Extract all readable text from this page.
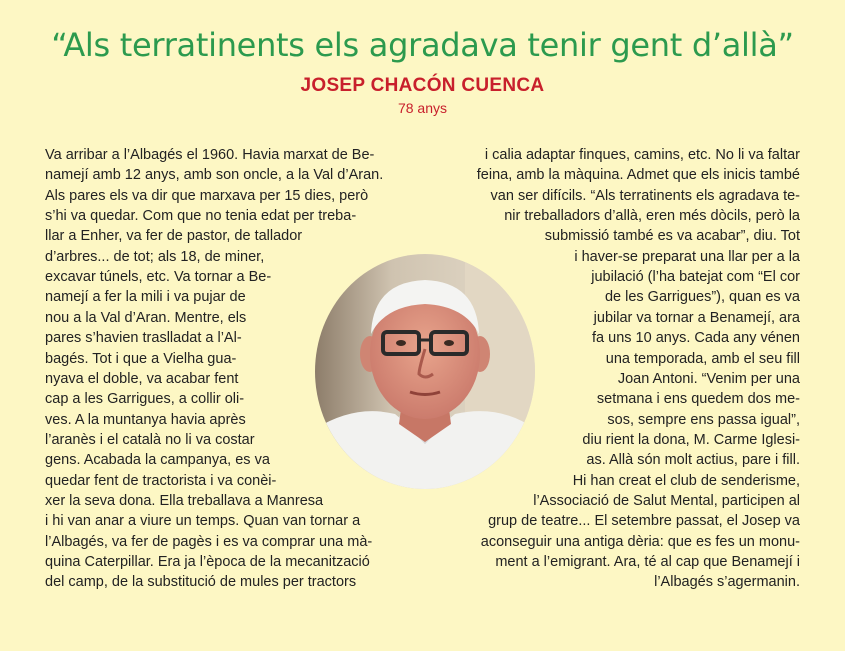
“Als terratinents els agradava tenir gent d’allà”
JOSEP CHACÓN CUENCA
78 anys
Va arribar a l’Albagés el 1960. Havia marxat de Be-
namejí amb 12 anys, amb son oncle, a la Val d’Aran.
Als pares els va dir que marxava per 15 dies, però
s’hi va quedar. Com que no tenia edat per treba-
llar a Enher, va fer de pastor, de tallador
d’arbres... de tot; als 18, de miner,
excavar túnels, etc. Va tornar a Be-
namejí a fer la mili i va pujar de
nou a la Val d’Aran. Mentre, els
pares s’havien traslladat a l’Al-
bagés. Tot i que a Vielha gua-
nyava el doble, va acabar fent
cap a les Garrigues, a collir oli-
ves. A la muntanya havia après
l’aranès i el català no li va costar
gens. Acabada la campanya, es va
quedar fent de tractorista i va conèi-
xer la seva dona. Ella treballava a Manresa
i hi van anar a viure un temps. Quan van tornar a
l’Albagés, va fer de pagès i es va comprar una mà-
quina Caterpillar. Era ja l’època de la mecanització
del camp, de la substitució de mules per tractors
i calia adaptar finques, camins, etc. No li va faltar
feina, amb la màquina. Admet que els inicis també
van ser difícils. “Als terratinents els agradava te-
nir treballadors d’allà, eren més dòcils, però la
submissió també es va acabar”, diu. Tot
i haver-se preparat una llar per a la
jubilació (l’ha batejat com “El cor
de les Garrigues”), quan es va
jubilar va tornar a Benamejí, ara
fa uns 10 anys. Cada any vénen
una temporada, amb el seu fill
Joan Antoni. “Venim per una
setmana i ens quedem dos me-
sos, sempre ens passa igual”,
diu rient la dona, M. Carme Iglesi-
as. Allà són molt actius, pare i fill.
Hi han creat el club de senderisme,
l’Associació de Salut Mental, participen al
grup de teatre... El setembre passat, el Josep va
aconseguir una antiga dèria: que es fes un monu-
ment a l’emigrant. Ara, té al cap que Benamejí i
l’Albagés s’agermanin.
